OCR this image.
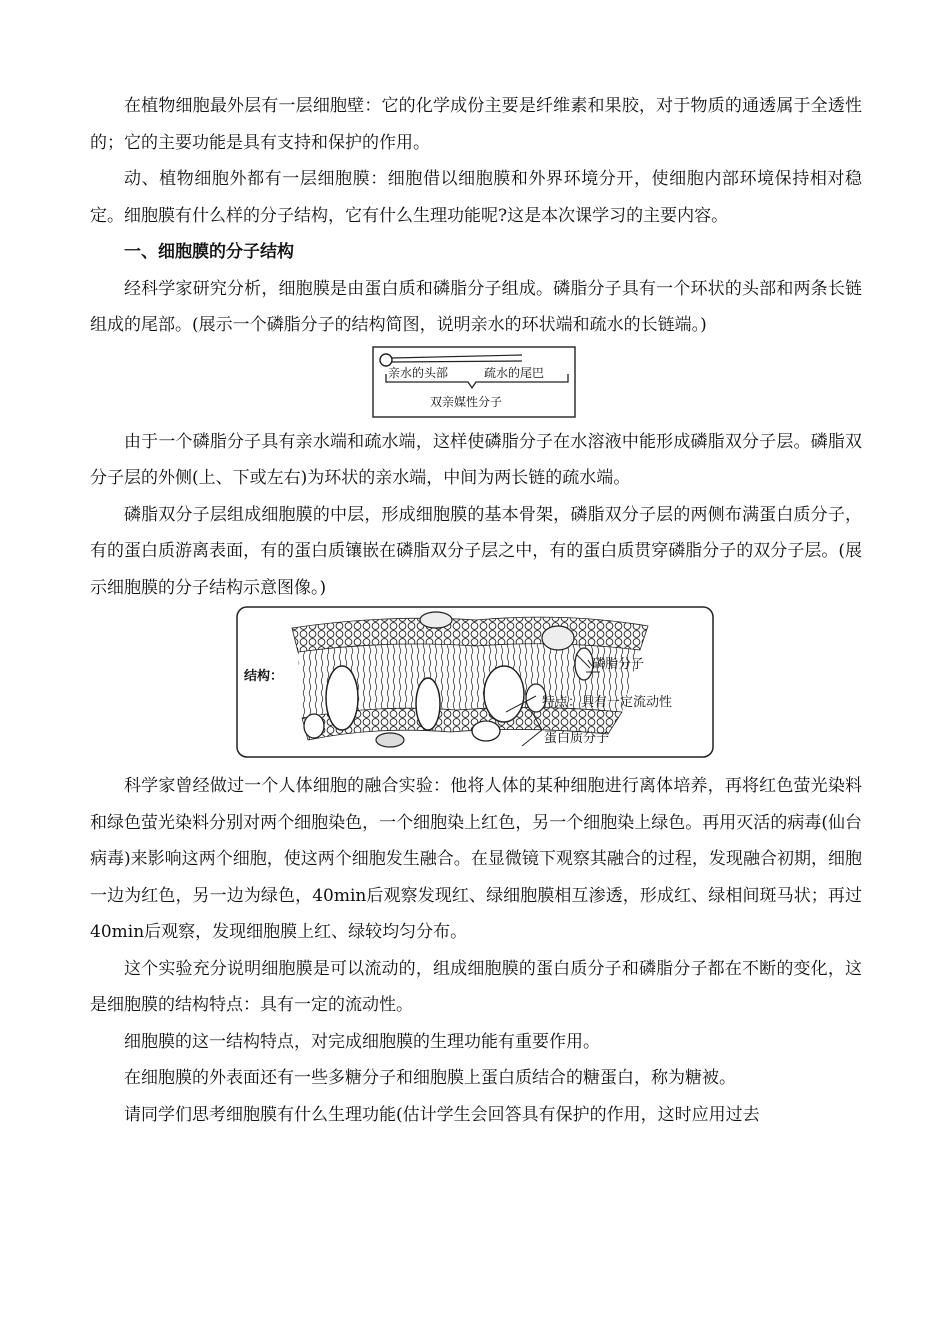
在植物细胞最外层有一层细胞壁：它的化学成份主要是纤维素和果胶，对于物质的通透属于全透性的；它的主要功能是具有支持和保护的作用。

动、植物细胞外都有一层细胞膜：细胞借以细胞膜和外界环境分开，使细胞内部环境保持相对稳定。细胞膜有什么样的分子结构，它有什么生理功能呢?这是本次课学习的主要内容。

一、细胞膜的分子结构

经科学家研究分析，细胞膜是由蛋白质和磷脂分子组成。磷脂分子具有一个环状的头部和两条长链组成的尾部。(展示一个磷脂分子的结构简图，说明亲水的环状端和疏水的长链端。)

亲水的头部	疏水的尾巴
双亲媒性分子

由于一个磷脂分子具有亲水端和疏水端，这样使磷脂分子在水溶液中能形成磷脂双分子层。磷脂双分子层的外侧(上、下或左右)为环状的亲水端，中间为两长链的疏水端。

磷脂双分子层组成细胞膜的中层，形成细胞膜的基本骨架，磷脂双分子层的两侧布满蛋白质分子，有的蛋白质游离表面，有的蛋白质镶嵌在磷脂双分子层之中，有的蛋白质贯穿磷脂分子的双分子层。(展示细胞膜的分子结构示意图像。)

结构：
磷脂分子
特点：具有一定流动性
蛋白质分子

科学家曾经做过一个人体细胞的融合实验：他将人体的某种细胞进行离体培养，再将红色萤光染料和绿色萤光染料分别对两个细胞染色，一个细胞染上红色，另一个细胞染上绿色。再用灭活的病毒(仙台病毒)来影响这两个细胞，使这两个细胞发生融合。在显微镜下观察其融合的过程，发现融合初期，细胞一边为红色，另一边为绿色，40min后观察发现红、绿细胞膜相互渗透，形成红、绿相间斑马状；再过40min后观察，发现细胞膜上红、绿较均匀分布。

这个实验充分说明细胞膜是可以流动的，组成细胞膜的蛋白质分子和磷脂分子都在不断的变化，这是细胞膜的结构特点：具有一定的流动性。

细胞膜的这一结构特点，对完成细胞膜的生理功能有重要作用。

在细胞膜的外表面还有一些多糖分子和细胞膜上蛋白质结合的糖蛋白，称为糖被。

请同学们思考细胞膜有什么生理功能(估计学生会回答具有保护的作用，这时应用过去
